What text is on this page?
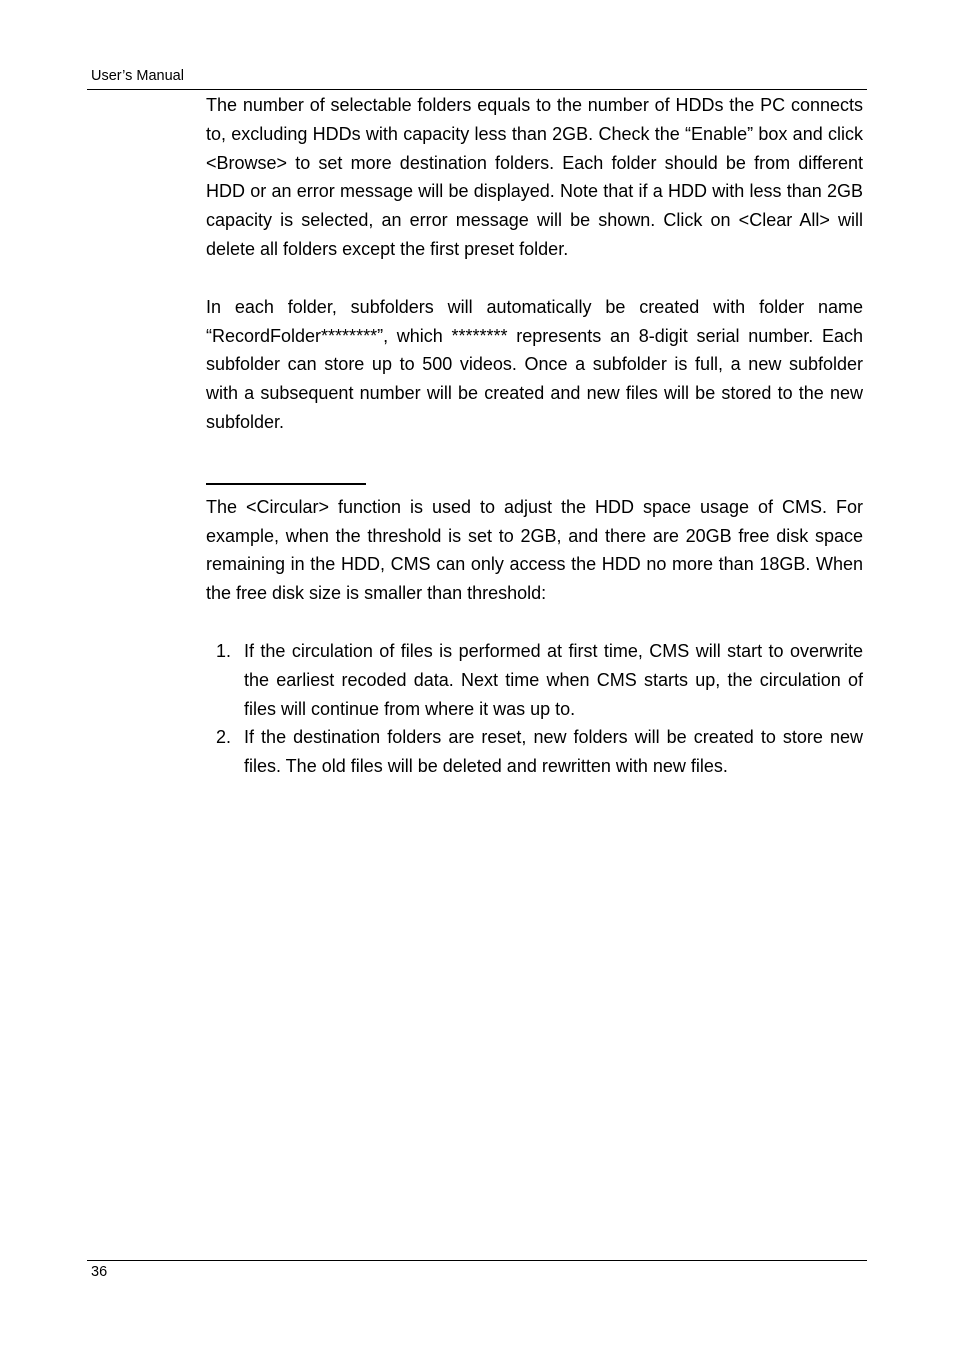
User’s Manual

The number of selectable folders equals to the number of HDDs the PC connects to, excluding HDDs with capacity less than 2GB. Check the “Enable” box and click <Browse> to set more destination folders. Each folder should be from different HDD or an error message will be displayed. Note that if a HDD with less than 2GB capacity is selected, an error message will be shown. Click on <Clear All> will delete all folders except the first preset folder.

In each folder, subfolders will automatically be created with folder name “RecordFolder********”, which ******** represents an 8-digit serial number. Each subfolder can store up to 500 videos. Once a subfolder is full, a new subfolder with a subsequent number will be created and new files will be stored to the new subfolder.

The <Circular> function is used to adjust the HDD space usage of CMS. For example, when the threshold is set to 2GB, and there are 20GB free disk space remaining in the HDD, CMS can only access the HDD no more than 18GB. When the free disk size is smaller than threshold:

1. If the circulation of files is performed at first time, CMS will start to overwrite the earliest recoded data. Next time when CMS starts up, the circulation of files will continue from where it was up to.
2. If the destination folders are reset, new folders will be created to store new files. The old files will be deleted and rewritten with new files.
36
